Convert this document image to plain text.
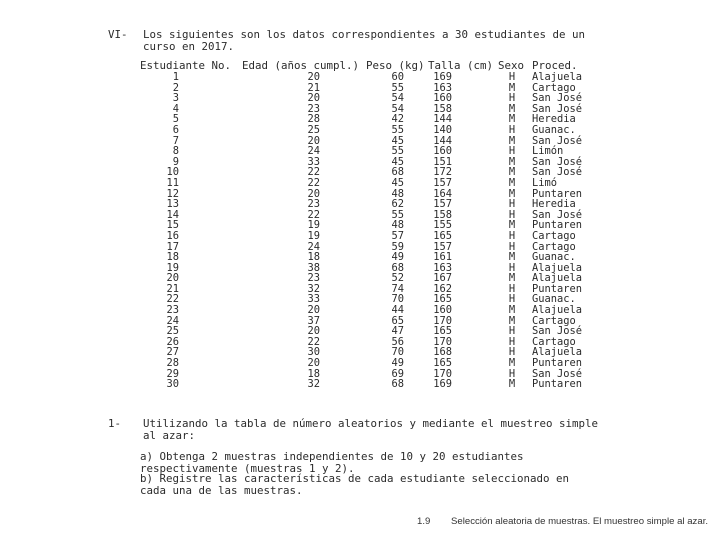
VI- Los siguientes son los datos correspondientes a 30 estudiantes de un curso en 2017.
Estudiante No. Edad (años cumpl.) Peso (kg) Talla (cm) Sexo Proced.
1	20	60	169	H Alajuela
2	21	55	163	M Cartago
3	20	54	160	H San José
4	23	54	158	M San José
5	28	42	144	M Heredia
6	25	55	140	H Guanac.
7	20	45	144	M San José
8	24	55	160	H Limón
9	33	45	151	M San José
10	22	68	172	M San José
11	22	45	157	M Limó
12	20	48	164	M Puntaren
13	23	62	157	H Heredia
14	22	55	158	H San José
15	19	48	155	M Puntaren
16	19	57	165	H Cartago
17	24	59	157	H Cartago
18	18	49	161	M Guanac.
19	38	68	163	H Alajuela
20	23	52	167	M Alajuela
21	32	74	162	H Puntaren
22	33	70	165	H Guanac.
23	20	44	160	M Alajuela
24	37	65	170	M Cartago
25	20	47	165	H San José
26	22	56	170	H Cartago
27	30	70	168	H Alajuela
28	20	49	165	M Puntaren
29	18	69	170	H San José
30	32	68	169	M Puntaren
1- Utilizando la tabla de número aleatorios y mediante el muestreo simple al azar:
a) Obtenga 2 muestras independientes de 10 y 20 estudiantes respectivamente (muestras 1 y 2).
b) Registre las características de cada estudiante seleccionado en cada una de las muestras.
1.9 Selección aleatoria de muestras. El muestreo simple al azar.
